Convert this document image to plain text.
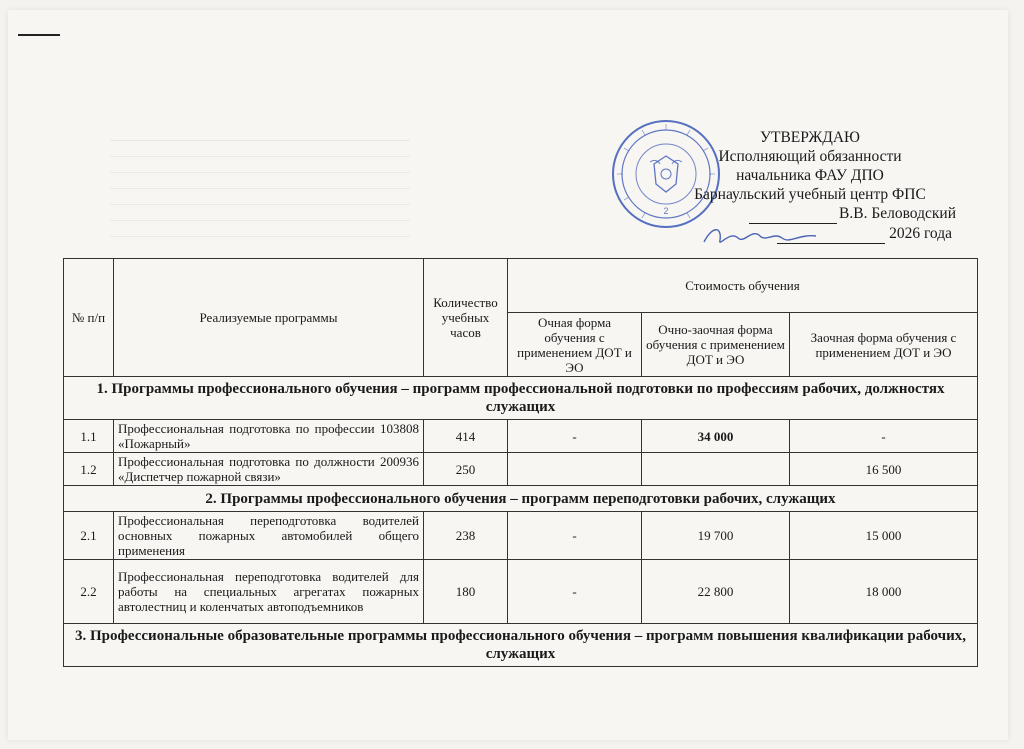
2
УТВЕРЖДАЮ
Исполняющий обязанности
начальника ФАУ ДПО
Барнаульский учебный центр ФПС
В.В. Беловодский
2026 года
№ п/п	Реализуемые программы	Количество учебных часов	Стоимость обучения		
			Очная форма обучения с применением ДОТ и ЭО	Очно-заочная форма обучения с применением ДОТ и ЭО	Заочная форма обучения с применением ДОТ и ЭО
1. Программы профессионального обучения – программ профессиональной подготовки по профессиям рабочих, должностях служащих					
1.1	Профессиональная подготовка по профессии 103808 «Пожарный»	414	-	34 000	-
1.2	Профессиональная подготовка по должности 200936 «Диспетчер пожарной связи»	250			16 500
2. Программы профессионального обучения – программ переподготовки рабочих, служащих					
2.1	Профессиональная переподготовка водителей основных пожарных автомобилей общего применения	238	-	19 700	15 000
2.2	Профессиональная переподготовка водителей для работы на специальных агрегатах пожарных автолестниц и коленчатых автоподъемников	180	-	22 800	18 000
3. Профессиональные образовательные программы профессионального обучения – программ повышения квалификации рабочих, служащих					
